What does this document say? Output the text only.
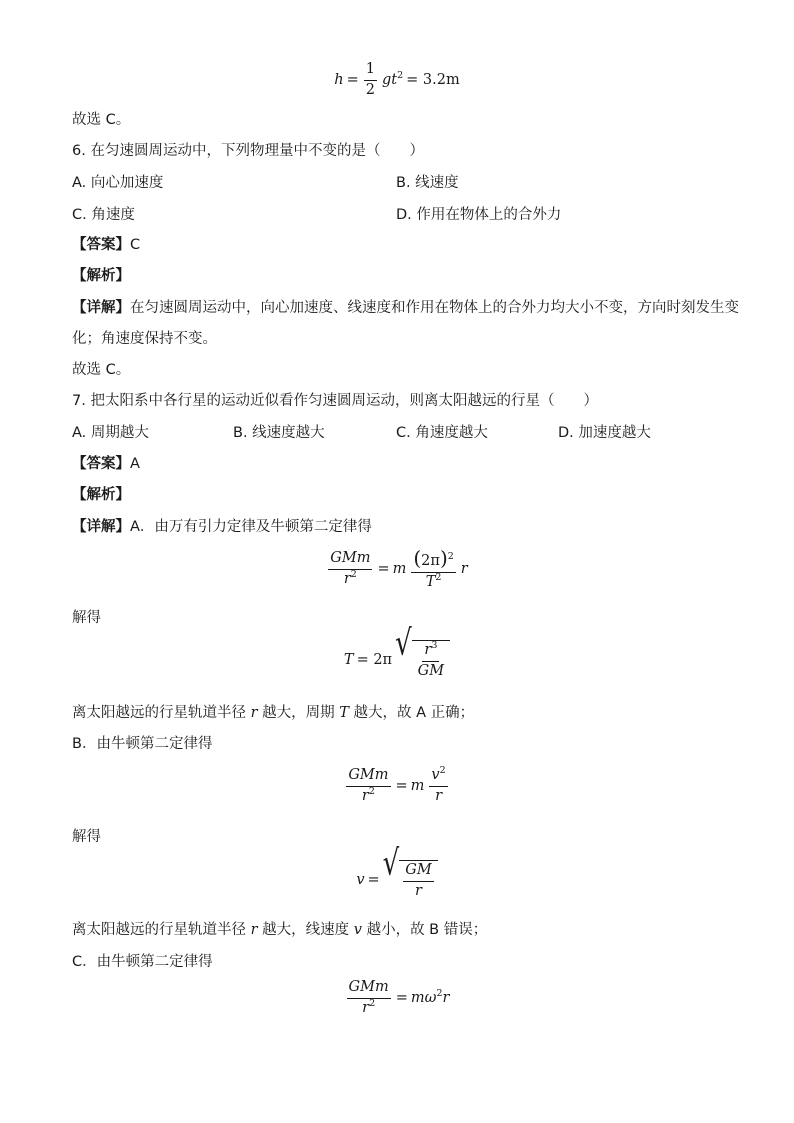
$h = \frac{1}{2} gt^2 = 3.2m$
故选 C。
6. 在匀速圆周运动中，下列物理量中不变的是（　　）
A. 向心加速度	B. 线速度
C. 角速度	D. 作用在物体上的合外力
【答案】C
【解析】
【详解】在匀速圆周运动中，向心加速度、线速度和作用在物体上的合外力均大小不变，方向时刻发生变
化；角速度保持不变。
故选 C。
7. 把太阳系中各行星的运动近似看作匀速圆周运动，则离太阳越远的行星（　　）
A. 周期越大	B. 线速度越大	C. 角速度越大	D. 加速度越大
【答案】A
【解析】
【详解】A．由万有引力定律及牛顿第二定律得
$\frac{\text{GMm}}{r^2} = m \frac{(2\pi)^2}{T^2}$ r
解得
T = 2π √ $\frac{r^3}{GM}$
离太阳越远的行星轨道半径 r 越大，周期 T 越大，故 A 正确；
B．由牛顿第二定律得
$\frac{\text{GMm}}{r^2} = m \frac{v^2}{r}$
解得
v = √ $\frac{GM}{r}$
离太阳越远的行星轨道半径 r 越大，线速度 v 越小，故 B 错误；
C．由牛顿第二定律得
$\frac{\text{GMm}}{r^2} = m\omega^2r$
